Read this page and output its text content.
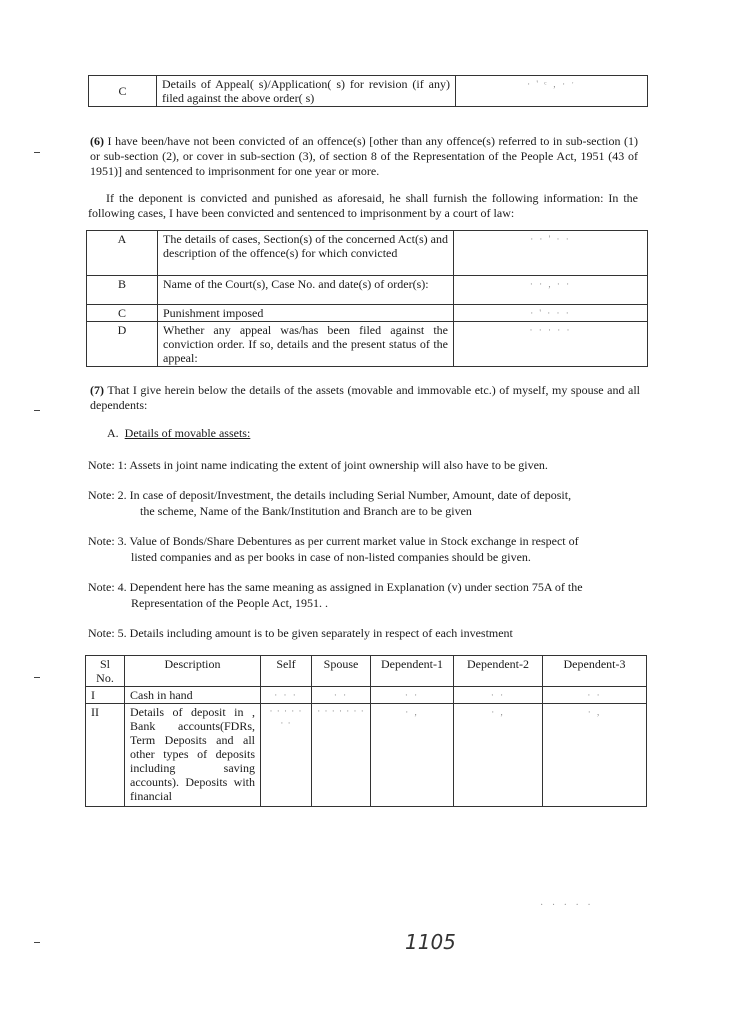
C	Details of Appeal( s)/Application( s) for revision (if any) filed against the above order( s)	· ' ᶜ ‚ · ˑ
(6) I have been/have not been convicted of an offence(s) [other than any offence(s) referred to in sub-section (1) or sub-section (2), or cover in sub-section (3), of section 8 of the Representation of the People Act, 1951 (43 of 1951)] and sentenced to imprisonment for one year or more.
If the deponent is convicted and punished as aforesaid, he shall furnish the following information: In the following cases, I have been convicted and sentenced to imprisonment by a court of law:
A	The details of cases, Section(s) of the concerned Act(s) and description of the offence(s) for which convicted	· · ' · ·
B	Name of the Court(s), Case No. and date(s) of order(s):	· · , · ·
C	Punishment imposed	· ' · · ·
D	Whether any appeal was/has been filed against the conviction order. If so, details and the present status of the appeal:	· · · · ·
(7) That I give herein below the details of the assets (movable and immovable etc.) of myself, my spouse and all dependents:
A. Details of movable assets:
Note: 1: Assets in joint name indicating the extent of joint ownership will also have to be given.
Note: 2. In case of deposit/Investment, the details including Serial Number, Amount, date of deposit,
the scheme, Name of the Bank/Institution and Branch are to be given
Note: 3. Value of Bonds/Share Debentures as per current market value in Stock exchange in respect of
listed companies and as per books in case of non-listed companies should be given.
Note: 4. Dependent here has the same meaning as assigned in Explanation (v) under section 75A of the
Representation of the People Act, 1951. .
Note: 5. Details including amount is to be given separately in respect of each investment
Sl No.	Description	Self	Spouse	Dependent-1	Dependent-2	Dependent-3
I	Cash in hand	· · ·	· ·	· ·	· ·	· ·
II	Details of deposit in , Bank accounts(FDRs, Term Deposits and all other types of deposits including saving accounts). Deposits with financial	· · · · · · ·	· · · · · · ·	· ,	· ,	· ,
· · · · ·
1105
